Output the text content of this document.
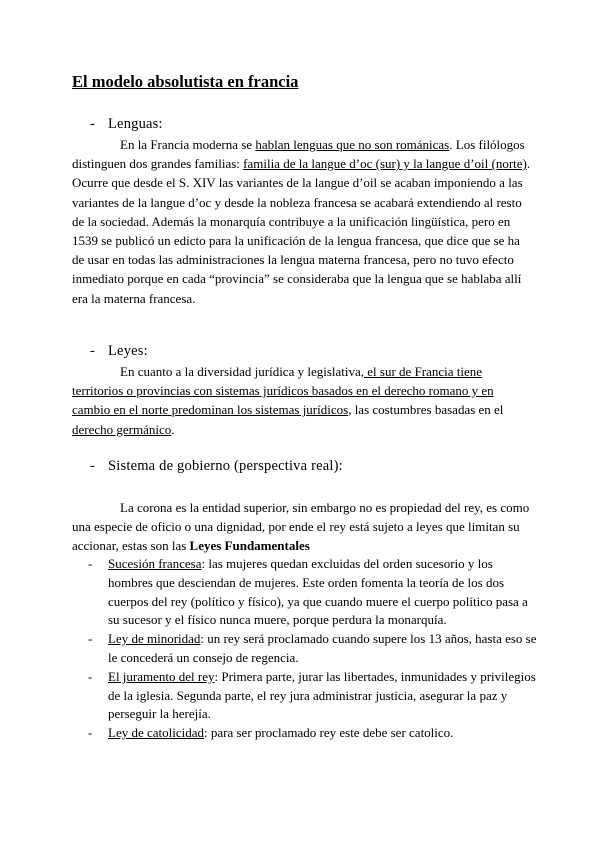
El modelo absolutista en francia
- Lenguas:

En la Francia moderna se hablan lenguas que no son románicas. Los filólogos distinguen dos grandes familias: familia de la langue d’oc (sur) y la langue d’oil (norte). Ocurre que desde el S. XIV las variantes de la langue d’oil se acaban imponiendo a las variantes de la langue d’oc y desde la nobleza francesa se acabará extendiendo al resto de la sociedad. Además la monarquía contribuye a la unificación lingüística, pero en 1539 se publicó un edicto para la unificación de la lengua francesa, que dice que se ha de usar en todas las administraciones la lengua materna francesa, pero no tuvo efecto inmediato porque en cada “provincia” se consideraba que la lengua que se hablaba allí era la materna francesa.

- Leyes:

En cuanto a la diversidad jurídica y legislativa, el sur de Francia tiene territorios o provincias con sistemas jurídicos basados en el derecho romano y en cambio en el norte predominan los sistemas jurídicos, las costumbres basadas en el derecho germánico.

- Sistema de gobierno (perspectiva real):

La corona es la entidad superior, sin embargo no es propiedad del rey, es como una especie de oficio o una dignidad, por ende el rey está sujeto a leyes que limitan su accionar, estas son las Leyes Fundamentales

- Sucesión francesa: las mujeres quedan excluidas del orden sucesorio y los hombres que desciendan de mujeres. Este orden fomenta la teoría de los dos cuerpos del rey (político y físico), ya que cuando muere el cuerpo político pasa a su sucesor y el físico nunca muere, porque perdura la monarquía.
- Ley de minoridad: un rey será proclamado cuando supere los 13 años, hasta eso se le concederá un consejo de regencia.
- El juramento del rey: Primera parte, jurar las libertades, inmunidades y privilegios de la iglesia. Segunda parte, el rey jura administrar justicia, asegurar la paz y perseguir la herejía.
- Ley de catolicidad: para ser proclamado rey este debe ser catolico.
